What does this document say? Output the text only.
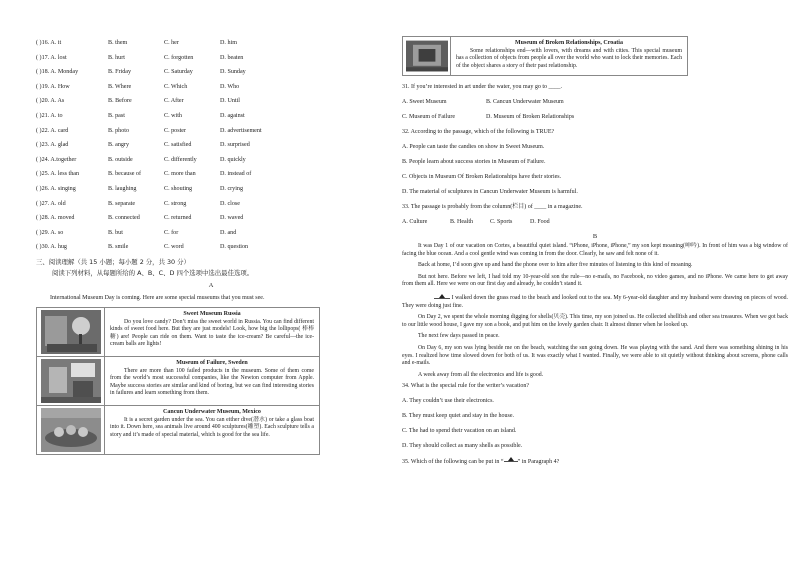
( )16. A. it	B. them	C. her	D. him
( )17. A. lost	B. hurt	C. forgotten	D. beaten
( )18. A. Monday	B. Friday	C. Saturday	D. Sunday
( )19. A. How	B. Where	C. Which	D. Who
( )20. A. As	B. Before	C. After	D. Until
( )21. A. to	B. past	C. with	D. against
( )22. A. card	B. photo	C. poster	D. advertisement
( )23. A. glad	B. angry	C. satisfied	D. surprised
( )24. A.together	B. outside	C. differently	D. quickly
( )25. A. less than	B. because of	C. more than	D. instead of
( )26. A. singing	B. laughing	C. shouting	D. crying
( )27. A. old	B. separate	C. strong	D. close
( )28. A. moved	B. connected	C. returned	D. waved
( )29. A. so	B. but	C. for	D. and
( )30. A. hug	B. smile	C. word	D. question
三、阅读理解（共 15 小题；每小题 2 分，共 30 分）
阅读下列材料，从每题所给的 A、B、C、D 四个选项中选出最佳选项。
A
International Museum Day is coming. Here are some special museums that you must see.
Sweet Museum Russia
Do you love candy? Don’t miss the sweet world in Russia. You can find different kinds of sweet food here. But they are just models! Look, how big the lollipops( 棒棒糖) are! People can ride on them. Want to taste the ice-cream? Be careful—the ice-cream balls are lights!
Museum of Failure, Sweden
There are more than 100 failed products in the museum. Some of them come from the world’s most successful companies, like the Newton computer from Apple. Maybe success stories are similar and kind of boring, but we can find interesting stories in failures and learn something from them.
Cancun Underwater Museum, Mexico
It is a secret garden under the sea. You can either dive(潜水) or take a glass boat into it. Down here, sea animals live around 400 sculptures(雕塑). Each sculpture tells a story and it’s made of special material, which is good for the sea life.
Museum of Broken Relationships, Croatia
Some relationships end—with lovers, with dreams and with cities. This special museum has a collection of objects from people all over the world who want to lock their memories. Each of the object shares a story of their past relationship.
31. If you’re interested in art under the water, you may go to ____.
A. Sweet Museum	B. Cancun Underwater Museum
C. Museum of Failure	D. Museum of Broken Relationships
32. According to the passage, which of the following is TRUE?
A. People can taste the candies on show in Sweet Museum.
B. People learn about success stories in Museum of Failure.
C. Objects in Museum Of Broken Relationships have their stories.
D. The material of sculptures in Cancun Underwater Museum is harmful.
33. The passage is probably from the column(栏目) of ____ in a magazine.
A. Culture	B. Health	C. Sports	D. Food
B
It was Day 1 of our vacation on Cortes, a beautiful quiet island. “iPhone, iPhone, iPhone,” my son kept moaning(呻吟). In front of him was a big window of facing the blue ocean. And a cool gentle wind was coming in from the door. Clearly, he saw and felt none of it.
Back at home, I’d soon give up and hand the phone over to him after five minutes of listening to this kind of moaning.
But not here. Before we left, I had told my 10-year-old son the rule—no e-mails, no Facebook, no video games, and no iPhone. We came here to get away from them all. Here we were on our first day and already, he couldn’t stand it.
I walked down the grass road to the beach and looked out to the sea. My 6-year-old daughter and my husband were drawing on pieces of wood. They were doing just fine.
On Day 2, we spent the whole morning digging for shells(贝壳). This time, my son joined us. He collected shellfish and other sea treasures. When we got back to our little wood house, I gave my son a book, and put him on the lovely garden chair. It almost dinner when he looked up.
The next few days passed in peace.
On Day 6, my son was lying beside me on the beach, watching the sun going down. He was playing with the sand. And there was something shining in his eyes. I realized how time slowed down for both of us. It was exactly what I wanted. Finally, we were able to sit quietly without thinking about screens, phone calls and e-mails.
A week away from all the electronics and life is good.
34. What is the special rule for the writer’s vacation?
A. They couldn’t use their electronics.
B. They must keep quiet and stay in the house.
C. The had to spend their vacation on an island.
D. They should collect as many shells as possible.
35. Which of the following can be put in “ ” in Paragraph 4?
